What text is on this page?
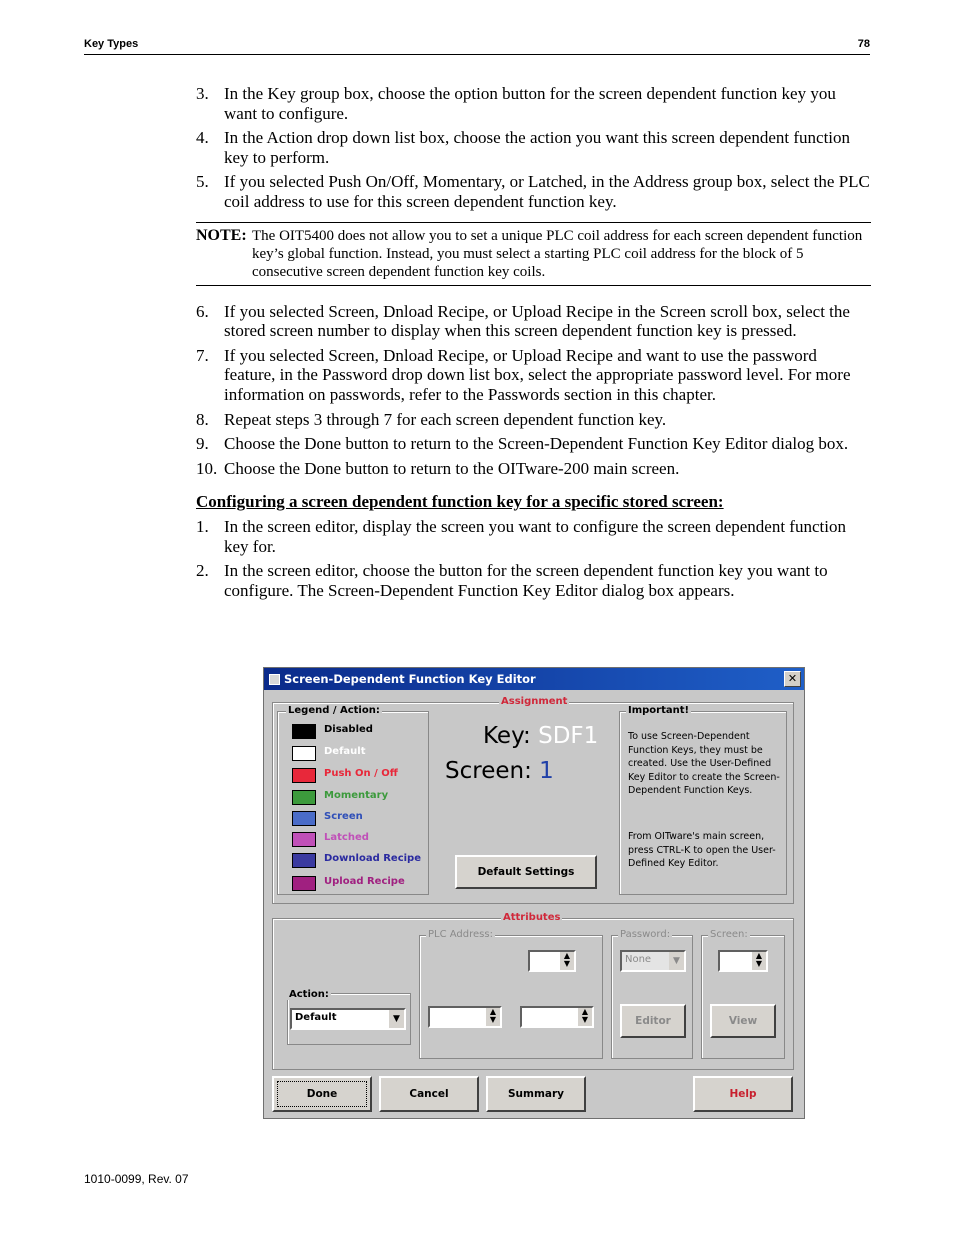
Key Types	78
3. In the Key group box, choose the option button for the screen dependent function key you want to configure.
4. In the Action drop down list box, choose the action you want this screen dependent function key to perform.
5. If you selected Push On/Off, Momentary, or Latched, in the Address group box, select the PLC coil address to use for this screen dependent function key.
NOTE: The OIT5400 does not allow you to set a unique PLC coil address for each screen dependent function key’s global function. Instead, you must select a starting PLC coil address for the block of 5 consecutive screen dependent function key coils.
6. If you selected Screen, Dnload Recipe, or Upload Recipe in the Screen scroll box, select the stored screen number to display when this screen dependent function key is pressed.
7. If you selected Screen, Dnload Recipe, or Upload Recipe and want to use the password feature, in the Password drop down list box, select the appropriate password level. For more information on passwords, refer to the Passwords section in this chapter.
8. Repeat steps 3 through 7 for each screen dependent function key.
9. Choose the Done button to return to the Screen-Dependent Function Key Editor dialog box.
10. Choose the Done button to return to the OITware-200 main screen.
Configuring a screen dependent function key for a specific stored screen:
1. In the screen editor, display the screen you want to configure the screen dependent function key for.
2. In the screen editor, choose the button for the screen dependent function key you want to configure. The Screen-Dependent Function Key Editor dialog box appears.
Screen-Dependent Function Key Editor	✕
Assignment
Legend / Action:
Disabled
Default
Push On / Off
Momentary
Screen
Latched
Download Recipe
Upload Recipe
Key: SDF1
Screen: 1
Default Settings
Important!
To use Screen-Dependent Function Keys, they must be created. Use the User-Defined Key Editor to create the Screen-Dependent Function Keys.
From OITware's main screen, press CTRL-K to open the User-Defined Key Editor.
Attributes
Action:
Default	▼
PLC Address:
▲
▼
▲
▼
▲
▼
Password:
None	▼
Editor
Screen:
▲
▼
View
Done	Cancel	Summary	Help
1010-0099, Rev. 07
